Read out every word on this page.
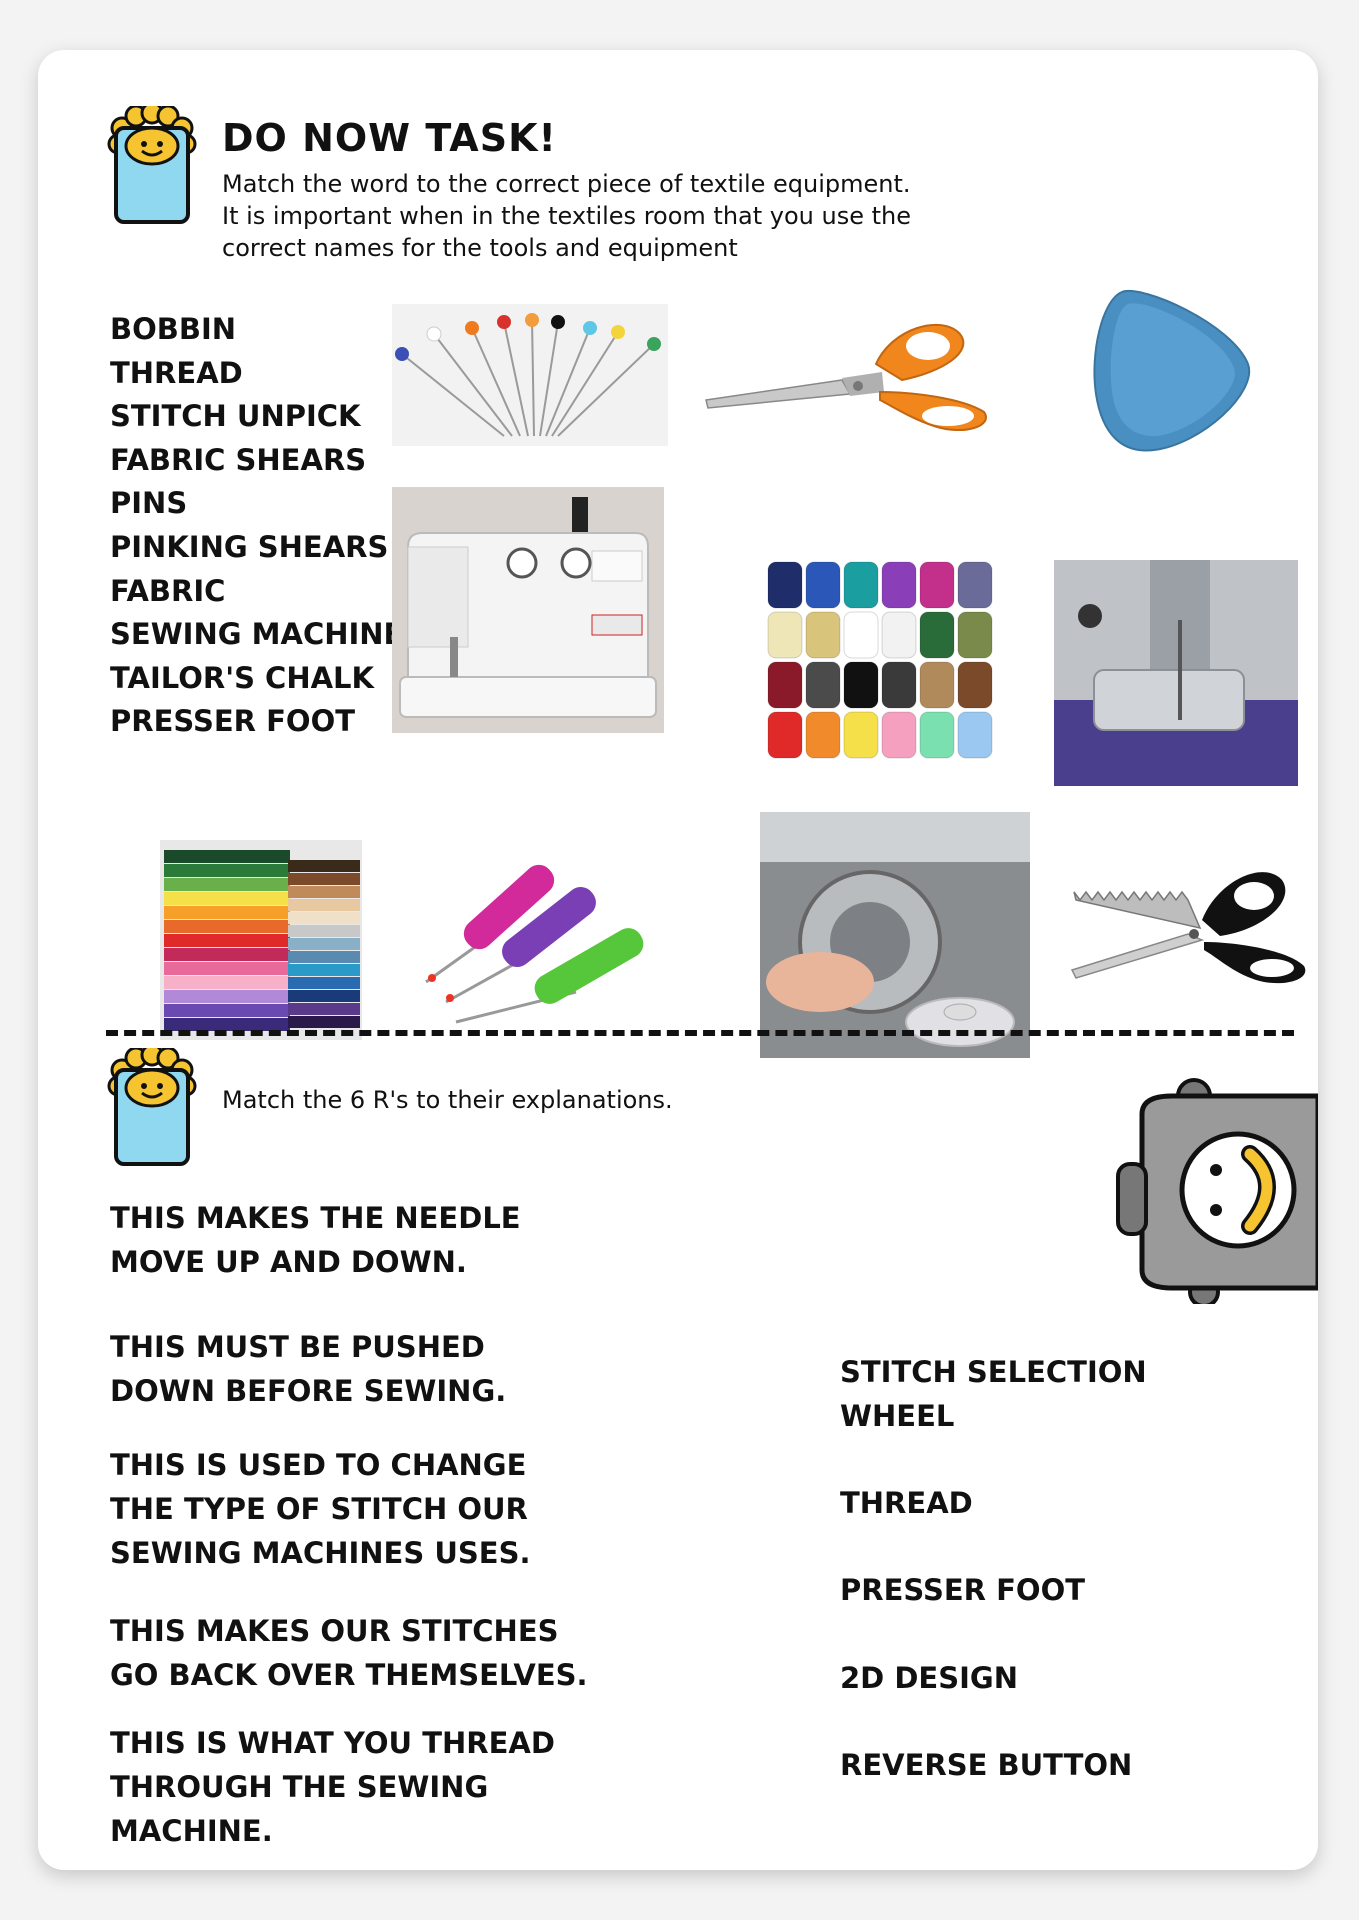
DO NOW TASK!
Match the word to the correct piece of textile equipment.
It is important when in the textiles room that you use the
correct names for the tools and equipment
BOBBIN
THREAD
STITCH UNPICK
FABRIC SHEARS
PINS
PINKING SHEARS
FABRIC
SEWING MACHINE
TAILOR'S CHALK
PRESSER FOOT
Match the 6 R's to their explanations.
THIS MAKES THE NEEDLE
MOVE UP AND DOWN.
THIS MUST BE PUSHED
DOWN BEFORE SEWING.
THIS IS USED TO CHANGE
THE TYPE OF STITCH OUR
SEWING MACHINES USES.
THIS MAKES OUR STITCHES
GO BACK OVER THEMSELVES.
THIS IS WHAT YOU THREAD
THROUGH THE SEWING
MACHINE.
STITCH SELECTION
WHEEL
THREAD
PRESSER FOOT
2D DESIGN
REVERSE BUTTON
